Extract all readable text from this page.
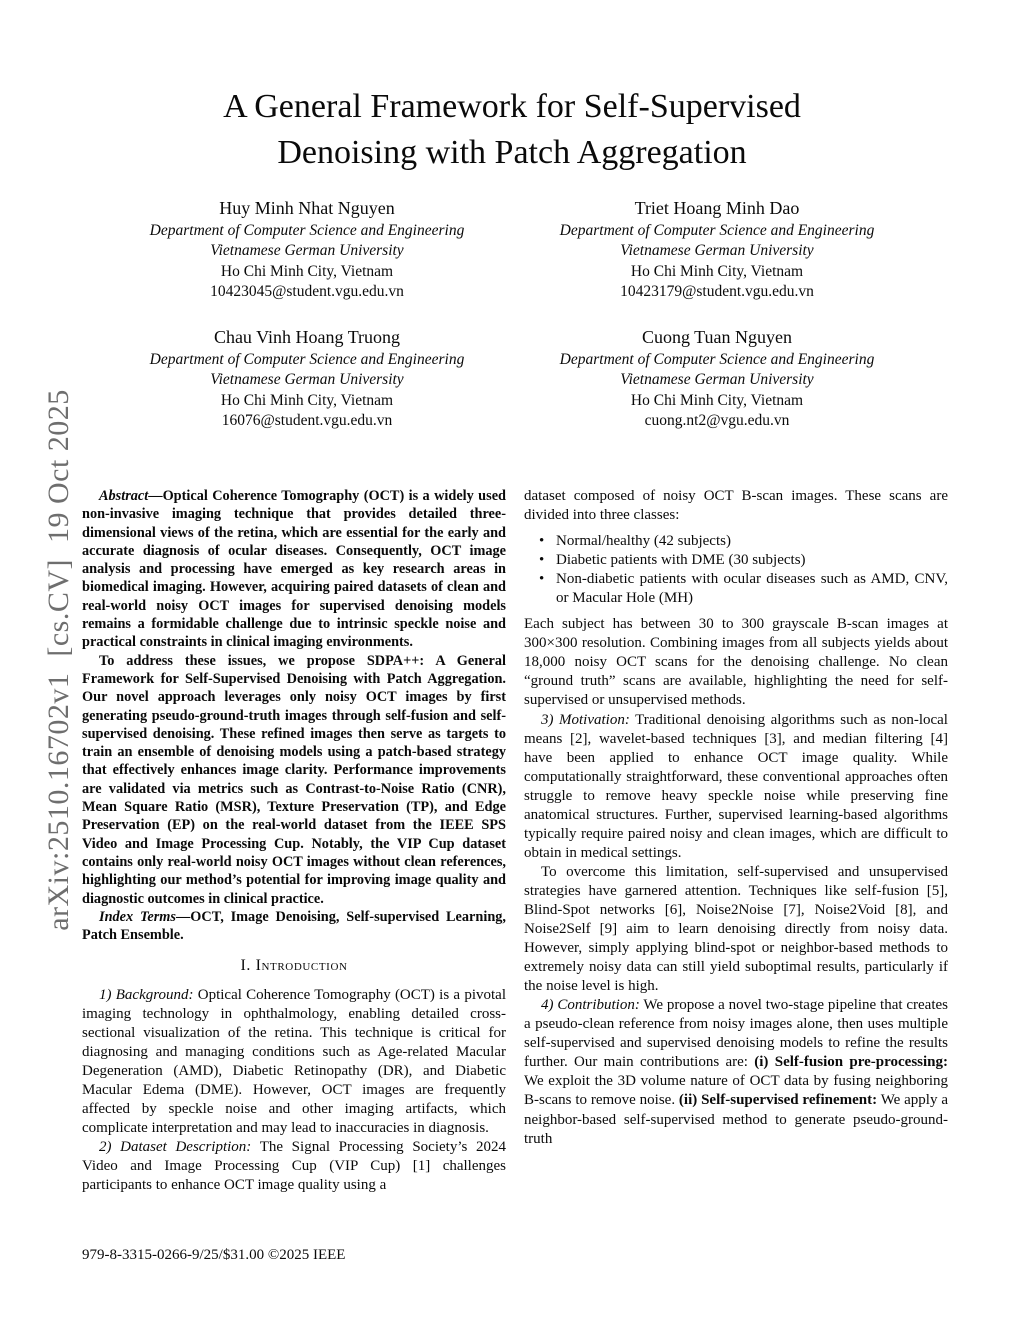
arXiv:2510.16702v1  [cs.CV]  19 Oct 2025
A General Framework for Self-Supervised
Denoising with Patch Aggregation
Huy Minh Nhat Nguyen
Department of Computer Science and Engineering
Vietnamese German University
Ho Chi Minh City, Vietnam
10423045@student.vgu.edu.vn
Triet Hoang Minh Dao
Department of Computer Science and Engineering
Vietnamese German University
Ho Chi Minh City, Vietnam
10423179@student.vgu.edu.vn
Chau Vinh Hoang Truong
Department of Computer Science and Engineering
Vietnamese German University
Ho Chi Minh City, Vietnam
16076@student.vgu.edu.vn
Cuong Tuan Nguyen
Department of Computer Science and Engineering
Vietnamese German University
Ho Chi Minh City, Vietnam
cuong.nt2@vgu.edu.vn

Abstract—Optical Coherence Tomography (OCT) is a widely used non-invasive imaging technique that provides detailed three-dimensional views of the retina, which are essential for the early and accurate diagnosis of ocular diseases. Consequently, OCT image analysis and processing have emerged as key research areas in biomedical imaging. However, acquiring paired datasets of clean and real-world noisy OCT images for supervised denoising models remains a formidable challenge due to intrinsic speckle noise and practical constraints in clinical imaging environments.

To address these issues, we propose SDPA++: A General Framework for Self-Supervised Denoising with Patch Aggregation. Our novel approach leverages only noisy OCT images by first generating pseudo-ground-truth images through self-fusion and self-supervised denoising. These refined images then serve as targets to train an ensemble of denoising models using a patch-based strategy that effectively enhances image clarity. Performance improvements are validated via metrics such as Contrast-to-Noise Ratio (CNR), Mean Square Ratio (MSR), Texture Preservation (TP), and Edge Preservation (EP) on the real-world dataset from the IEEE SPS Video and Image Processing Cup. Notably, the VIP Cup dataset contains only real-world noisy OCT images without clean references, highlighting our method’s potential for improving image quality and diagnostic outcomes in clinical practice.

Index Terms—OCT, Image Denoising, Self-supervised Learning, Patch Ensemble.

I. Introduction

1) Background: Optical Coherence Tomography (OCT) is a pivotal imaging technology in ophthalmology, enabling detailed cross-sectional visualization of the retina. This technique is critical for diagnosing and managing conditions such as Age-related Macular Degeneration (AMD), Diabetic Retinopathy (DR), and Diabetic Macular Edema (DME). However, OCT images are frequently affected by speckle noise and other imaging artifacts, which complicate interpretation and may lead to inaccuracies in diagnosis.

2) Dataset Description: The Signal Processing Society’s 2024 Video and Image Processing Cup (VIP Cup) [1] challenges participants to enhance OCT image quality using a

dataset composed of noisy OCT B-scan images. These scans are divided into three classes:

• Normal/healthy (42 subjects)
• Diabetic patients with DME (30 subjects)
• Non-diabetic patients with ocular diseases such as AMD, CNV, or Macular Hole (MH)

Each subject has between 30 to 300 grayscale B-scan images at 300×300 resolution. Combining images from all subjects yields about 18,000 noisy OCT scans for the denoising challenge. No clean “ground truth” scans are available, highlighting the need for self-supervised or unsupervised methods.

3) Motivation: Traditional denoising algorithms such as non-local means [2], wavelet-based techniques [3], and median filtering [4] have been applied to enhance OCT image quality. While computationally straightforward, these conventional approaches often struggle to remove heavy speckle noise while preserving fine anatomical structures. Further, supervised learning-based algorithms typically require paired noisy and clean images, which are difficult to obtain in medical settings.

To overcome this limitation, self-supervised and unsupervised strategies have garnered attention. Techniques like self-fusion [5], Blind-Spot networks [6], Noise2Noise [7], Noise2Void [8], and Noise2Self [9] aim to learn denoising directly from noisy data. However, simply applying blind-spot or neighbor-based methods to extremely noisy data can still yield suboptimal results, particularly if the noise level is high.

4) Contribution: We propose a novel two-stage pipeline that creates a pseudo-clean reference from noisy images alone, then uses multiple self-supervised and supervised denoising models to refine the results further. Our main contributions are: (i) Self-fusion pre-processing: We exploit the 3D volume nature of OCT data by fusing neighboring B-scans to remove noise. (ii) Self-supervised refinement: We apply a neighbor-based self-supervised method to generate pseudo-ground-truth

979-8-3315-0266-9/25/$31.00 ©2025 IEEE
